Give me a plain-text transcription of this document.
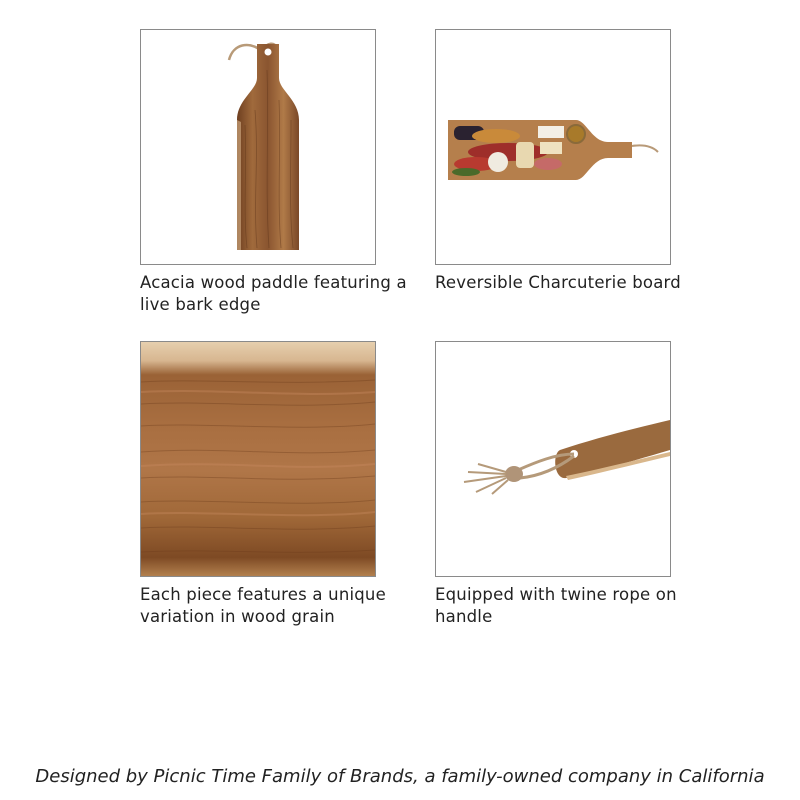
Acacia wood paddle featuring a live bark edge
Reversible Charcuterie board
Each piece features a unique variation in wood grain
Equipped with twine rope on handle
Designed by Picnic Time Family of Brands, a family-owned company in California
